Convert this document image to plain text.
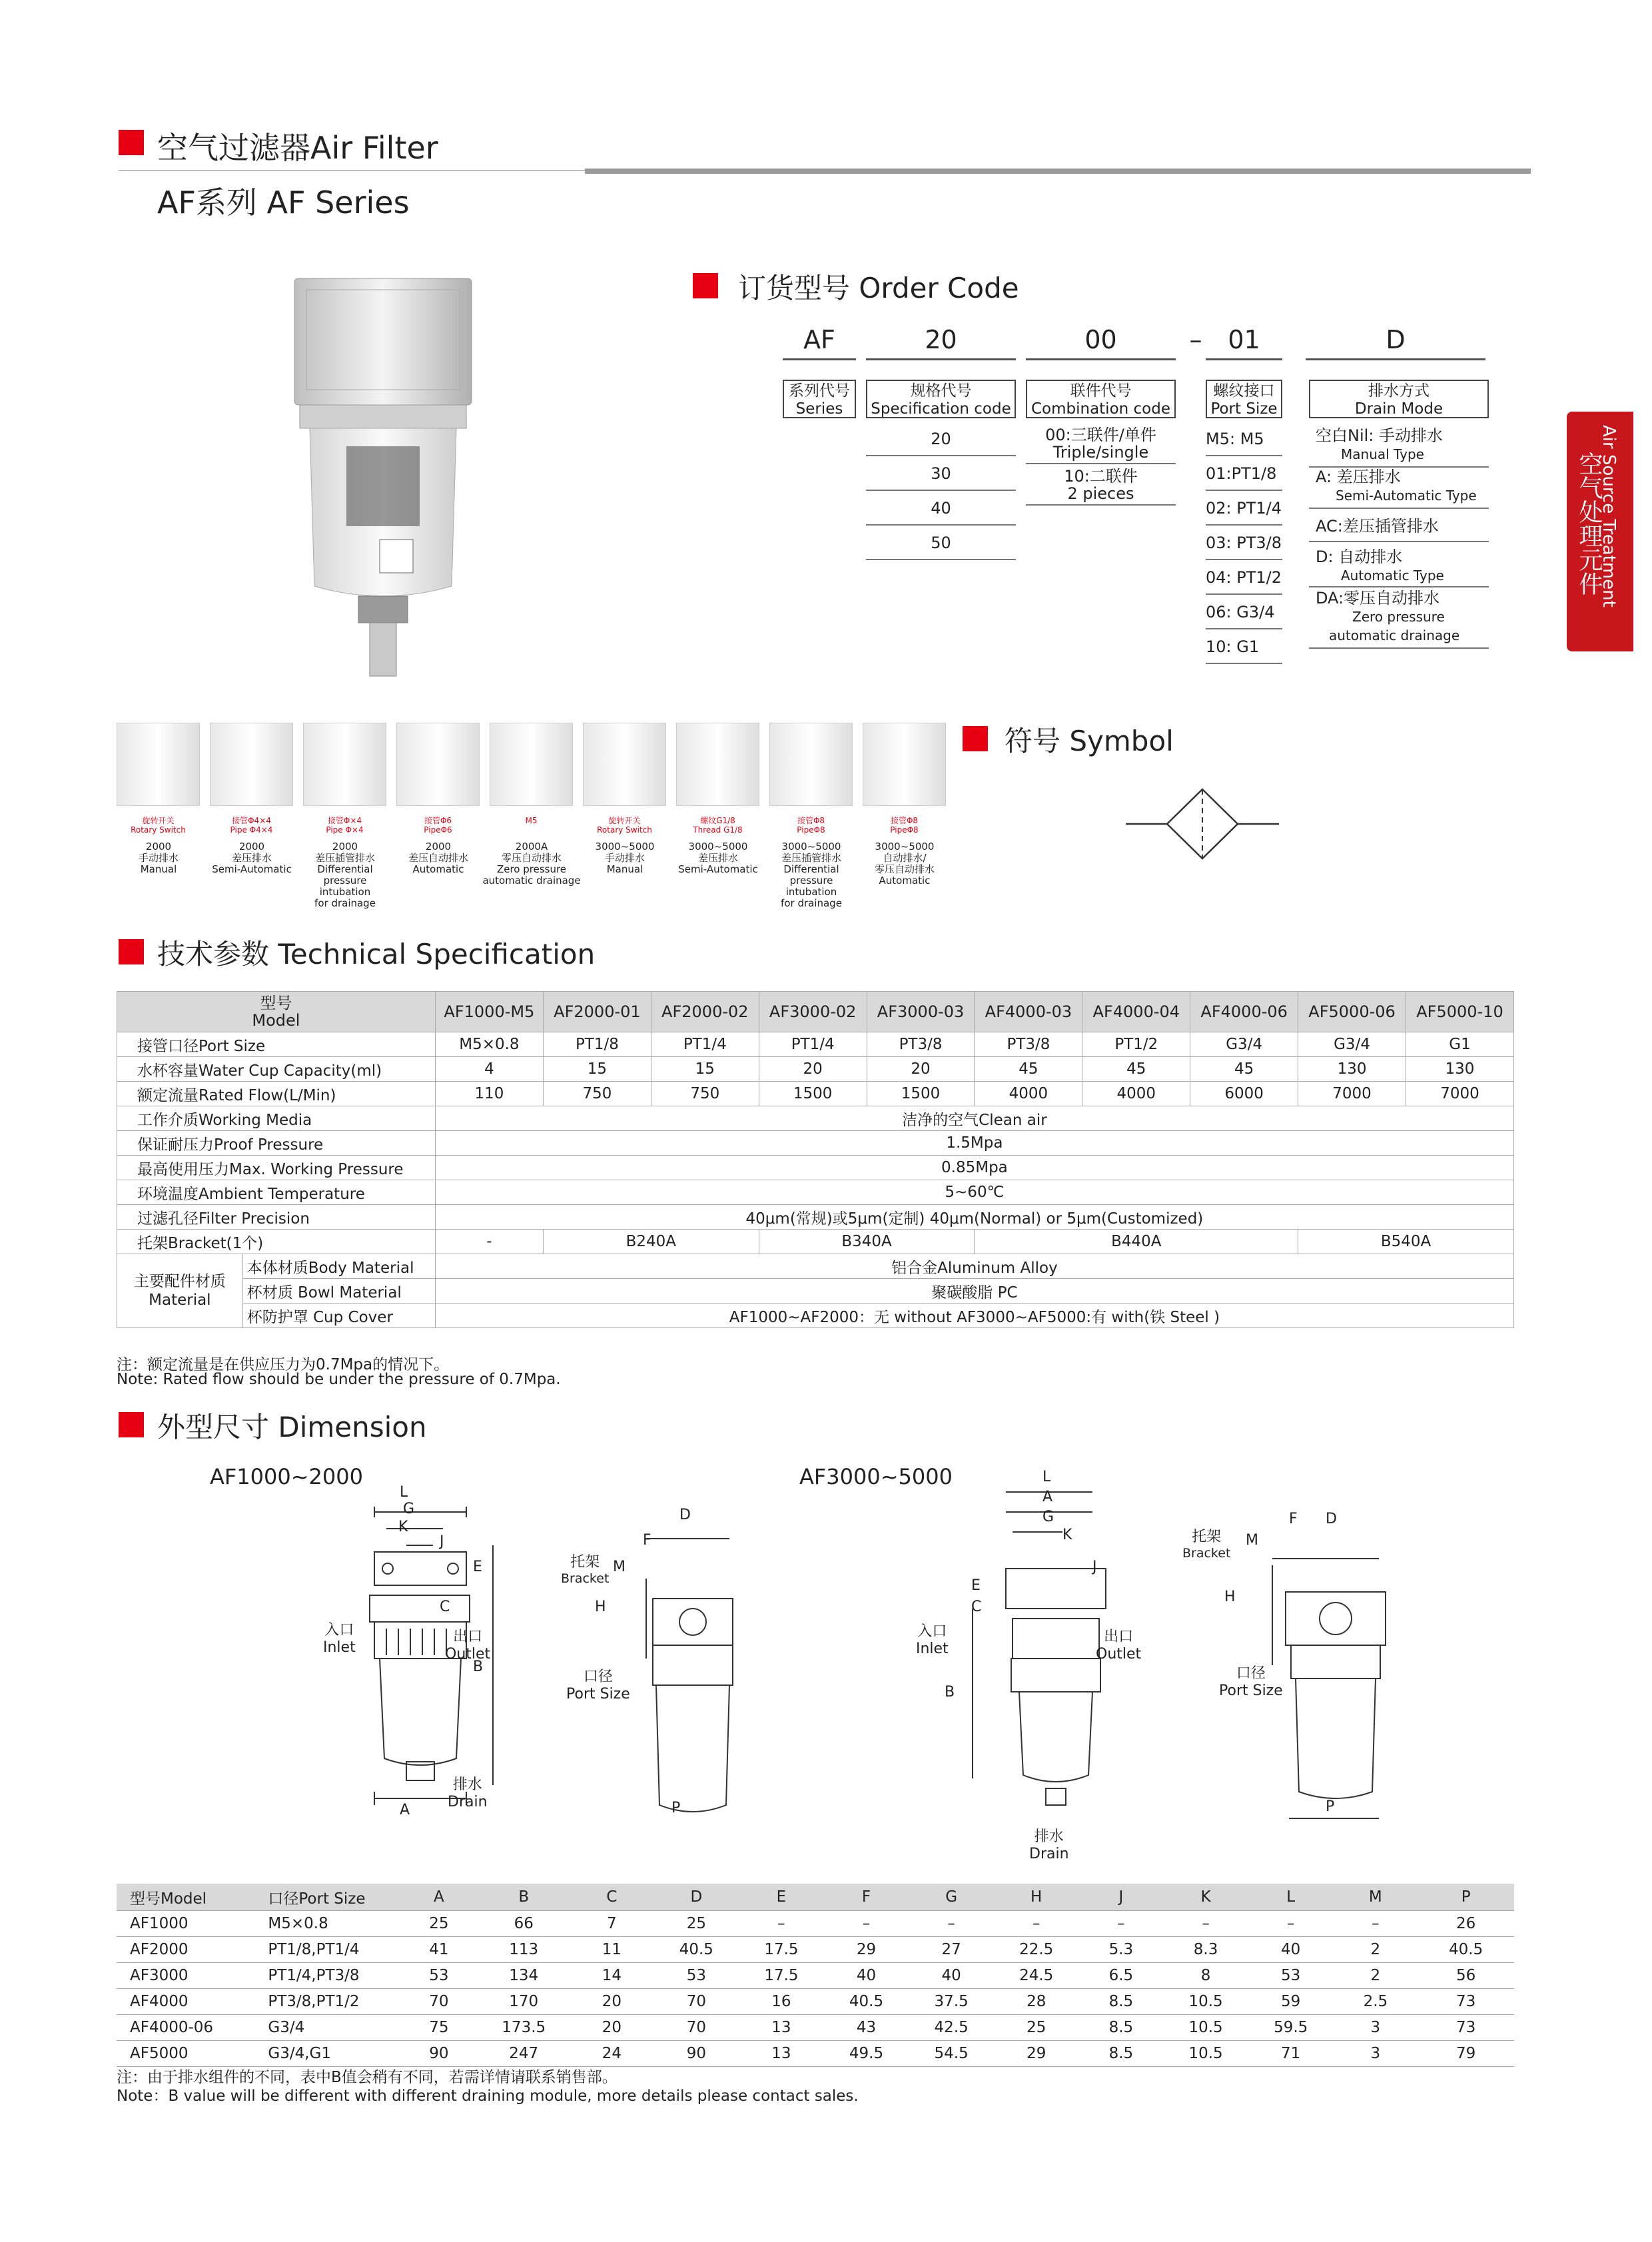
空气过滤器Air Filter
AF系列 AF Series
Air Source Treatment
空气处理元件
订货型号 Order Code
AF	20	00	–	01	D
系列代号
Series
规格代号
Specification code
联件代号
Combination code
螺纹接口
Port Size
排水方式
Drain Mode
20
30
40
50
00:三联件/单件
Triple/single
10:二联件
2 pieces
M5: M5
01:PT1/8
02: PT1/4
03: PT3/8
04: PT1/2
06: G3/4
10: G1
空白Nil: 手动排水
Manual Type
A: 差压排水
Semi-Automatic Type
AC:差压插管排水
D: 自动排水
Automatic Type
DA:零压自动排水
Zero pressure
automatic drainage
旋转开关
Rotary Switch
2000
手动排水
Manual
接管Φ4×4
Pipe Φ4×4
2000
差压排水
Semi-Automatic
接管Φ×4
Pipe Φ×4
2000
差压插管排水
Differential
pressure
intubation
for drainage
接管Φ6
PipeΦ6
2000
差压自动排水
Automatic
M5
2000A
零压自动排水
Zero pressure
automatic drainage
旋转开关
Rotary Switch
3000~5000
手动排水
Manual
螺纹G1/8
Thread G1/8
3000~5000
差压排水
Semi-Automatic
接管Φ8
PipeΦ8
3000~5000
差压插管排水
Differential
pressure
intubation
for drainage
接管Φ8
PipeΦ8
3000~5000
自动排水/
零压自动排水
Automatic
符号 Symbol
技术参数 Technical Specification
型号
Model		AF1000-M5	AF2000-01	AF2000-02	AF3000-02	AF3000-03	AF4000-03	AF4000-04	AF4000-06	AF5000-06	AF5000-10
接管口径Port Size		M5×0.8	PT1/8	PT1/4	PT1/4	PT3/8	PT3/8	PT1/2	G3/4	G3/4	G1
水杯容量Water Cup Capacity(ml)		4	15	15	20	20	45	45	45	130	130
额定流量Rated Flow(L/Min)		110	750	750	1500	1500	4000	4000	6000	7000	7000
工作介质Working Media		洁净的空气Clean air									
保证耐压力Proof Pressure		1.5Mpa									
最高使用压力Max. Working Pressure		0.85Mpa									
环境温度Ambient Temperature		5~60℃									
过滤孔径Filter Precision		40μm(常规)或5μm(定制) 40μm(Normal) or 5μm(Customized)									
托架Bracket(1个)		-	B240A		B340A		B440A			B540A	

主要配件材质
Material	本体材质Body Material	铝合金Aluminum Alloy									
	杯材质 Bowl Material	聚碳酸脂 PC									
	杯防护罩 Cup Cover	AF1000~AF2000：无 without AF3000~AF5000:有 with(铁 Steel )									
注：额定流量是在供应压力为0.7Mpa的情况下。
Note: Rated flow should be under the pressure of 0.7Mpa.
外型尺寸 Dimension
AF1000~2000	AF3000~5000
L
G
K
J
E
C
B
A
入口
Inlet
出口
Outlet
排水
Drain
D
F
M
H
P
托架
Bracket
口径
Port Size
L
A
G
K
J
E
C
B
入口
Inlet
出口
Outlet
排水
Drain
D
F
M
H
P
托架
Bracket
口径
Port Size
型号Model	口径Port Size	A	B	C	D	E	F	G	H	J	K	L	M	P
AF1000	M5×0.8	25	66	7	25	–	–	–	–	–	–	–	–	26
AF2000	PT1/8,PT1/4	41	113	11	40.5	17.5	29	27	22.5	5.3	8.3	40	2	40.5
AF3000	PT1/4,PT3/8	53	134	14	53	17.5	40	40	24.5	6.5	8	53	2	56
AF4000	PT3/8,PT1/2	70	170	20	70	16	40.5	37.5	28	8.5	10.5	59	2.5	73
AF4000-06	G3/4	75	173.5	20	70	13	43	42.5	25	8.5	10.5	59.5	3	73
AF5000	G3/4,G1	90	247	24	90	13	49.5	54.5	29	8.5	10.5	71	3	79
注：由于排水组件的不同，表中B值会稍有不同，若需详情请联系销售部。
Note：B value will be different with different draining module, more details please contact sales.
